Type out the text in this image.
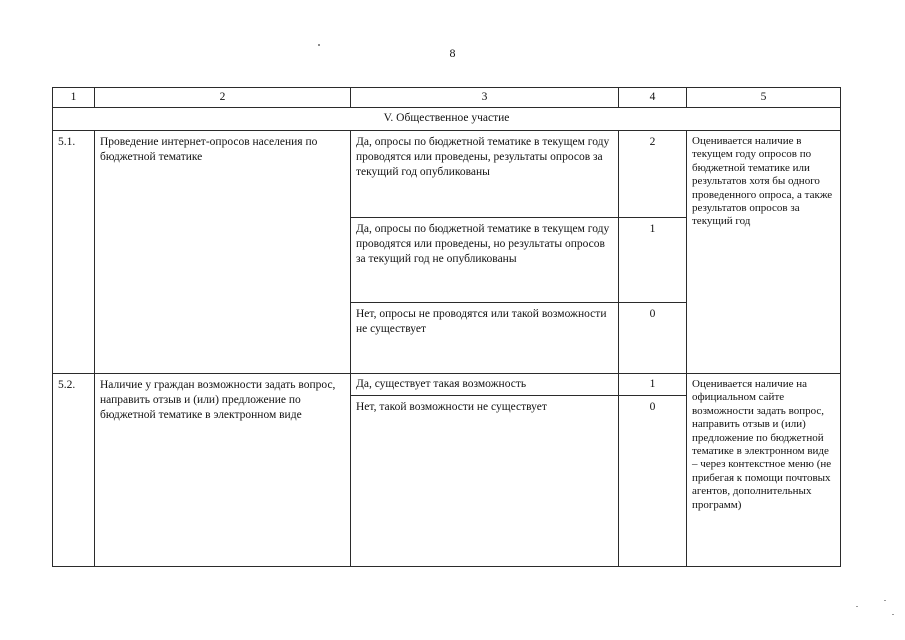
8
1	2	3	4	5
V. Общественное участие				
5.1.	Проведение интернет-опросов населения по бюджетной тематике	Да, опросы по бюджетной тематике в текущем году проводятся или проведены, результаты опросов за текущий год опубликованы	2	Оценивается наличие в текущем году опросов по бюджетной тематике или результатов хотя бы одного проведенного опроса, а также результатов опросов за текущий год
		Да, опросы по бюджетной тематике в текущем году проводятся или проведены, но результаты опросов за текущий год не опубликованы	1	
		Нет, опросы не проводятся или такой возможности не существует	0	
5.2.	Наличие у граждан возможности задать вопрос, направить отзыв и (или) предложение по бюджетной тематике в электронном виде	Да, существует такая возможность	1	Оценивается наличие на официальном сайте возможности задать вопрос, направить отзыв и (или) предложение по бюджетной тематике в электронном виде – через контекстное меню (не прибегая к помощи почтовых агентов, дополнительных программ)
		Нет, такой возможности не существует	0	
